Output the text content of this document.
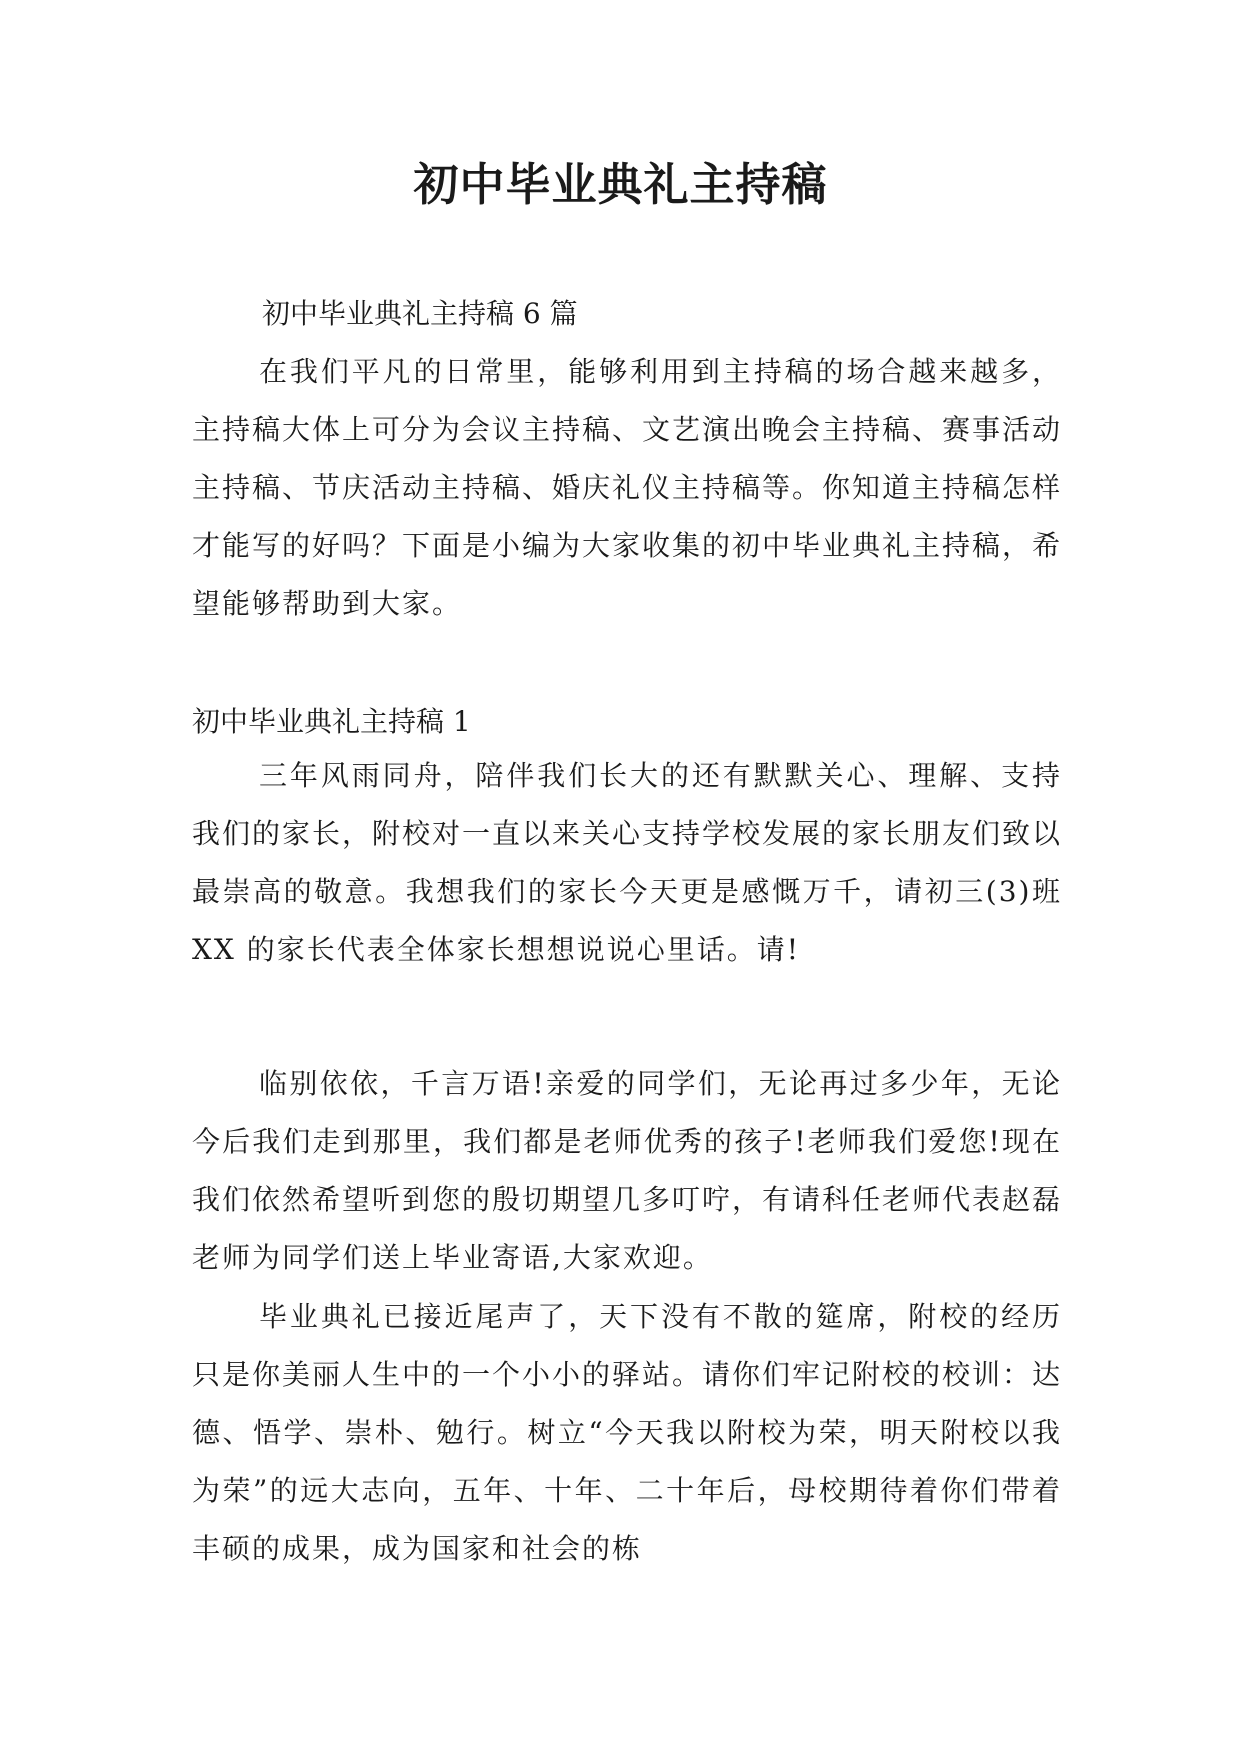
初中毕业典礼主持稿

初中毕业典礼主持稿 6 篇

在我们平凡的日常里，能够利用到主持稿的场合越来越多，主持稿大体上可分为会议主持稿、文艺演出晚会主持稿、赛事活动主持稿、节庆活动主持稿、婚庆礼仪主持稿等。你知道主持稿怎样才能写的好吗？下面是小编为大家收集的初中毕业典礼主持稿，希望能够帮助到大家。

初中毕业典礼主持稿 1

三年风雨同舟，陪伴我们长大的还有默默关心、理解、支持我们的家长，附校对一直以来关心支持学校发展的家长朋友们致以最崇高的敬意。我想我们的家长今天更是感慨万千，请初三(3)班 XX 的家长代表全体家长想想说说心里话。请!

临别依依，千言万语!亲爱的同学们，无论再过多少年，无论今后我们走到那里，我们都是老师优秀的孩子!老师我们爱您!现在我们依然希望听到您的殷切期望几多叮咛，有请科任老师代表赵磊老师为同学们送上毕业寄语,大家欢迎。

毕业典礼已接近尾声了，天下没有不散的筵席，附校的经历只是你美丽人生中的一个小小的驿站。请你们牢记附校的校训：达德、悟学、崇朴、勉行。树立“今天我以附校为荣，明天附校以我为荣”的远大志向，五年、十年、二十年后，母校期待着你们带着丰硕的成果，成为国家和社会的栋
